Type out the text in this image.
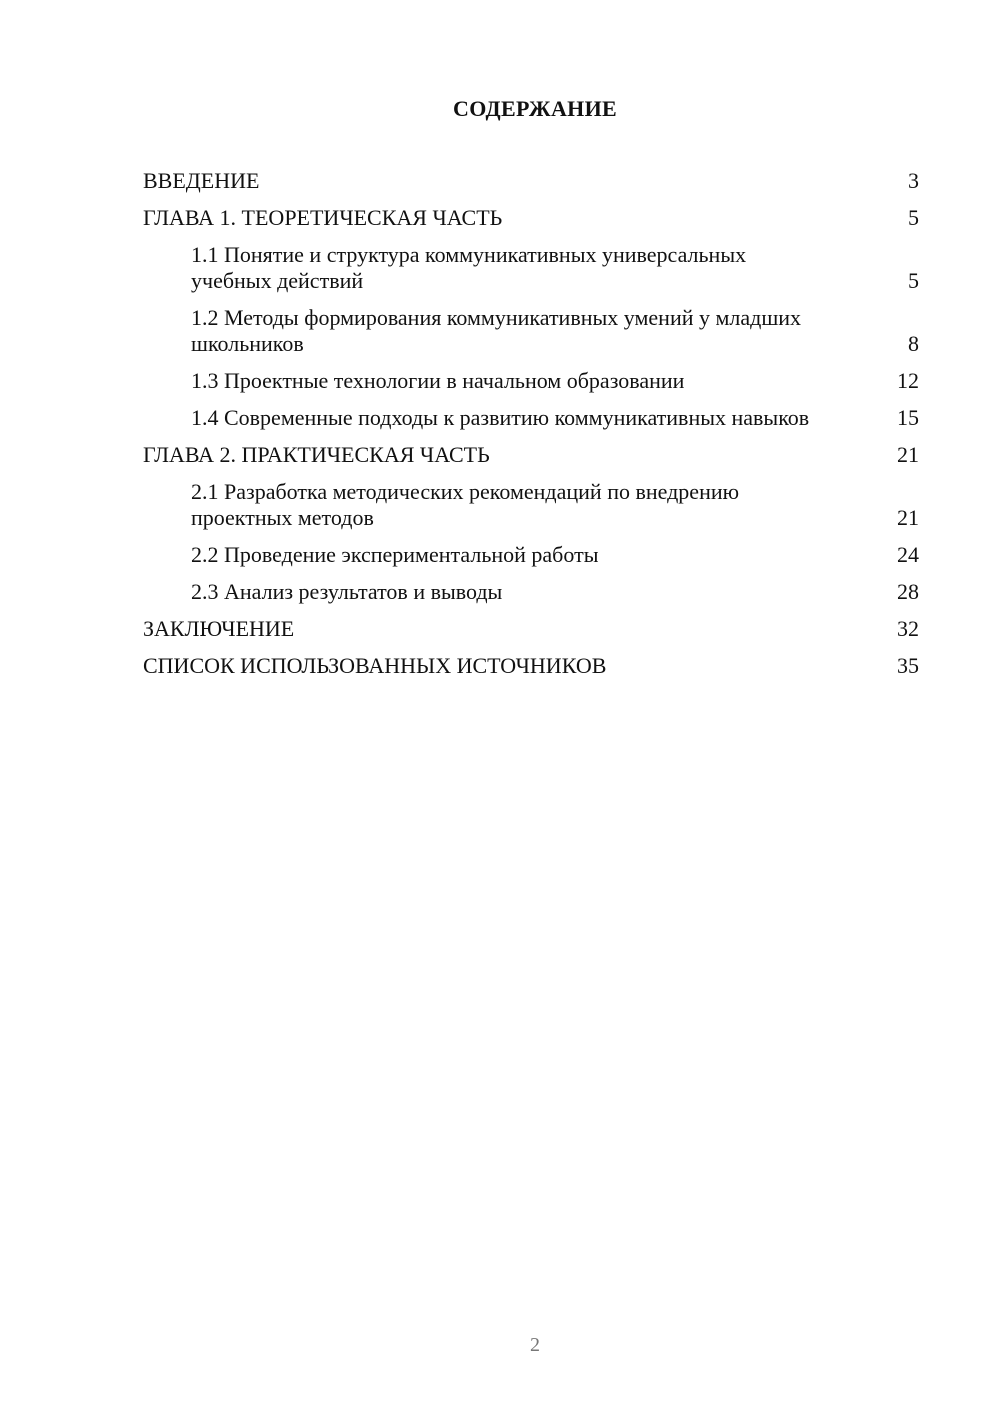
СОДЕРЖАНИЕ
ВВЕДЕНИЕ	3
ГЛАВА 1. ТЕОРЕТИЧЕСКАЯ ЧАСТЬ	5
1.1 Понятие и структура коммуникативных универсальных учебных действий	5
1.2 Методы формирования коммуникативных умений у младших школьников	8
1.3 Проектные технологии в начальном образовании	12
1.4 Современные подходы к развитию коммуникативных навыков	15
ГЛАВА 2. ПРАКТИЧЕСКАЯ ЧАСТЬ	21
2.1 Разработка методических рекомендаций по внедрению проектных методов	21
2.2 Проведение экспериментальной работы	24
2.3 Анализ результатов и выводы	28
ЗАКЛЮЧЕНИЕ	32
СПИСОК ИСПОЛЬЗОВАННЫХ ИСТОЧНИКОВ	35
2
